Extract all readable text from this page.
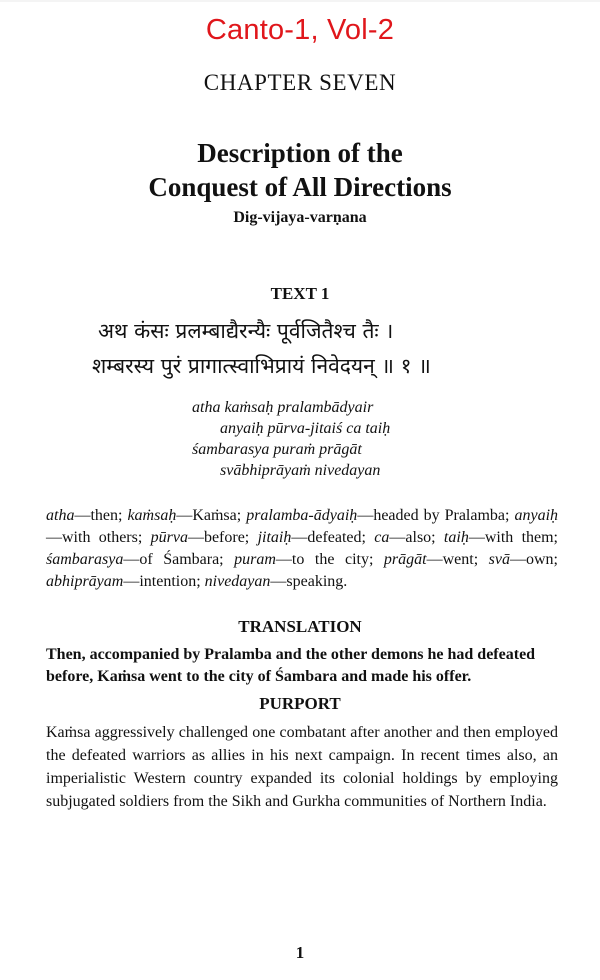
Canto-1, Vol-2
CHAPTER SEVEN
Description of the
Conquest of All Directions
Dig-vijaya-varṇana
TEXT 1
अथ कंसः प्रलम्बाद्यैरन्यैः पूर्वजितैश्च तैः ।
शम्बरस्य पुरं प्रागात्स्वाभिप्रायं निवेदयन् ॥ १ ॥
atha kaṁsaḥ pralambādyair
anyaiḥ pūrva-jitaiś ca taiḥ
śambarasya puraṁ prāgāt
svābhiprāyaṁ nivedayan
atha—then; kaṁsaḥ—Kaṁsa; pralamba-ādyaiḥ—headed by Pralamba; anyaiḥ—with others; pūrva—before; jitaiḥ—defeated; ca—also; taiḥ—with them; śambarasya—of Śambara; puram—to the city; prāgāt—went; svā—own; abhiprāyam—intention; nivedayan—speaking.
TRANSLATION
Then, accompanied by Pralamba and the other demons he had defeated before, Kaṁsa went to the city of Śambara and made his offer.
PURPORT
Kaṁsa aggressively challenged one combatant after another and then employed the defeated warriors as allies in his next campaign. In recent times also, an imperialistic Western country expanded its colonial holdings by employing subjugated soldiers from the Sikh and Gurkha communities of Northern India.
1
